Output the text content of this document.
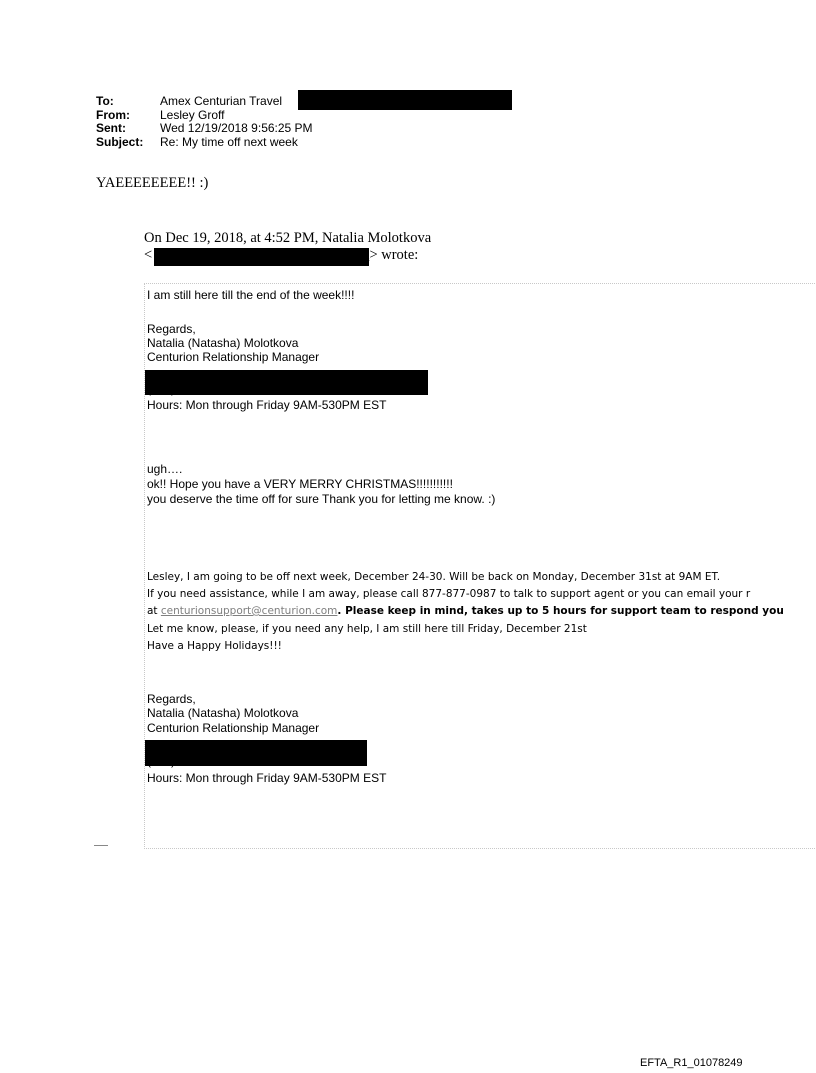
To:	Amex Centurian Travel
From:	Lesley Groff
Sent:	Wed 12/19/2018 9:56:25 PM
Subject:	Re: My time off next week
YAEEEEEEEE!! :)
On Dec 19, 2018, at 4:52 PM, Natalia Molotkova
<	> wrote:
I am still here till the end of the week!!!!
Regards,
Natalia (Natasha) Molotkova
Centurion Relationship Manager
Hours: Mon through Friday 9AM-530PM EST
ugh….
ok!! Hope you have a VERY MERRY CHRISTMAS!!!!!!!!!!!
you deserve the time off for sure Thank you for letting me know. :)
Lesley, I am going to be off next week, December 24-30. Will be back on Monday, December 31st at 9AM ET.
If you need assistance, while I am away, please call 877-877-0987 to talk to support agent or you can email your r
at centurionsupport@centurion.com. Please keep in mind, takes up to 5 hours for support team to respond you
Let me know, please, if you need any help, I am still here till Friday, December 21st
Have a Happy Holidays!!!
Regards,
Natalia (Natasha) Molotkova
Centurion Relationship Manager
Hours: Mon through Friday 9AM-530PM EST
EFTA_R1_01078249
